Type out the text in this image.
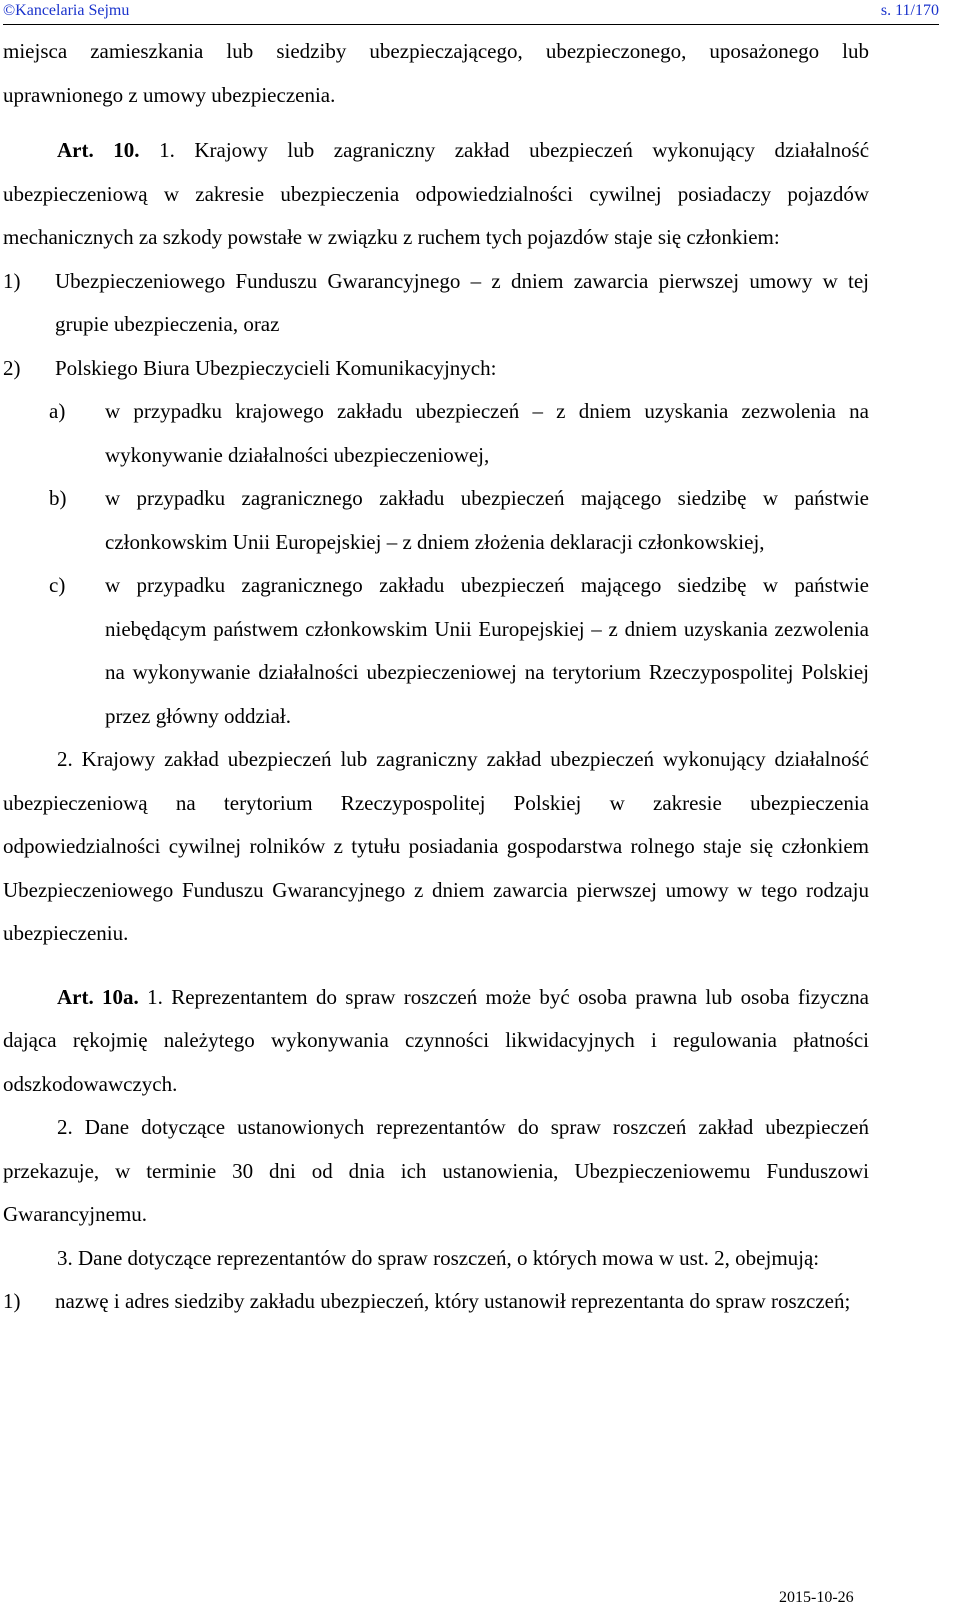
©Kancelaria Sejmu	s. 11/170

miejsca zamieszkania lub siedziby ubezpieczającego, ubezpieczonego, uposażonego lub uprawnionego z umowy ubezpieczenia.

Art. 10. 1. Krajowy lub zagraniczny zakład ubezpieczeń wykonujący działalność ubezpieczeniową w zakresie ubezpieczenia odpowiedzialności cywilnej posiadaczy pojazdów mechanicznych za szkody powstałe w związku z ruchem tych pojazdów staje się członkiem:

1)	Ubezpieczeniowego Funduszu Gwarancyjnego – z dniem zawarcia pierwszej umowy w tej grupie ubezpieczenia, oraz
2)	Polskiego Biura Ubezpieczycieli Komunikacyjnych:
a)	w przypadku krajowego zakładu ubezpieczeń – z dniem uzyskania zezwolenia na wykonywanie działalności ubezpieczeniowej,
b)	w przypadku zagranicznego zakładu ubezpieczeń mającego siedzibę w państwie członkowskim Unii Europejskiej – z dniem złożenia deklaracji członkowskiej,
c)	w przypadku zagranicznego zakładu ubezpieczeń mającego siedzibę w państwie niebędącym państwem członkowskim Unii Europejskiej – z dniem uzyskania zezwolenia na wykonywanie działalności ubezpieczeniowej na terytorium Rzeczypospolitej Polskiej przez główny oddział.

2. Krajowy zakład ubezpieczeń lub zagraniczny zakład ubezpieczeń wykonujący działalność ubezpieczeniową na terytorium Rzeczypospolitej Polskiej w zakresie ubezpieczenia odpowiedzialności cywilnej rolników z tytułu posiadania gospodarstwa rolnego staje się członkiem Ubezpieczeniowego Funduszu Gwarancyjnego z dniem zawarcia pierwszej umowy w tego rodzaju ubezpieczeniu.

Art. 10a. 1. Reprezentantem do spraw roszczeń może być osoba prawna lub osoba fizyczna dająca rękojmię należytego wykonywania czynności likwidacyjnych i regulowania płatności odszkodowawczych.

2. Dane dotyczące ustanowionych reprezentantów do spraw roszczeń zakład ubezpieczeń przekazuje, w terminie 30 dni od dnia ich ustanowienia, Ubezpieczeniowemu Funduszowi Gwarancyjnemu.

3. Dane dotyczące reprezentantów do spraw roszczeń, o których mowa w ust. 2, obejmują:

1)	nazwę i adres siedziby zakładu ubezpieczeń, który ustanowił reprezentanta do spraw roszczeń;
2015-10-26
